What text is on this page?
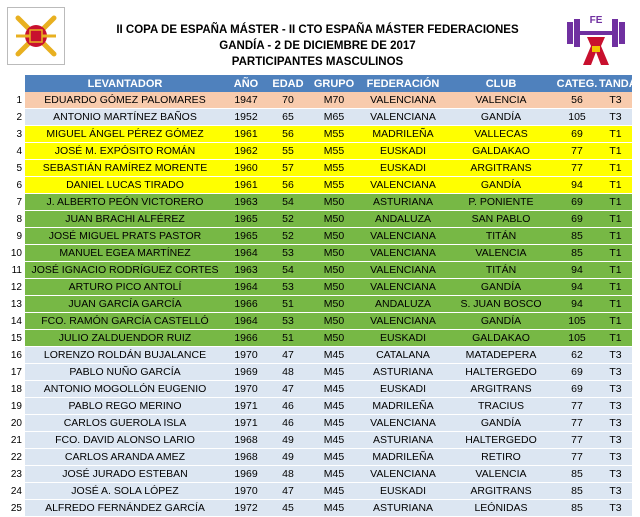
II COPA DE ESPAÑA MÁSTER - II CTO ESPAÑA MÁSTER FEDERACIONES
GANDÍA - 2 DE DICIEMBRE DE 2017
PARTICIPANTES MASCULINOS
FE
	LEVANTADOR	AÑO	EDAD	GRUPO	FEDERACIÓN	CLUB	CATEG.	TANDA
1	EDUARDO GÓMEZ PALOMARES	1947	70	M70	VALENCIANA	VALENCIA	56	T3
2	ANTONIO MARTÍNEZ BAÑOS	1952	65	M65	VALENCIANA	GANDÍA	105	T3
3	MIGUEL ÁNGEL PÉREZ GÓMEZ	1961	56	M55	MADRILEÑA	VALLECAS	69	T1
4	JOSÉ M. EXPÓSITO ROMÁN	1962	55	M55	EUSKADI	GALDAKAO	77	T1
5	SEBASTIÁN RAMÍREZ MORENTE	1960	57	M55	EUSKADI	ARGITRANS	77	T1
6	DANIEL LUCAS TIRADO	1961	56	M55	VALENCIANA	GANDÍA	94	T1
7	J. ALBERTO PEÓN VICTORERO	1963	54	M50	ASTURIANA	P. PONIENTE	69	T1
8	JUAN BRACHI ALFÉREZ	1965	52	M50	ANDALUZA	SAN PABLO	69	T1
9	JOSÉ MIGUEL PRATS PASTOR	1965	52	M50	VALENCIANA	TITÁN	85	T1
10	MANUEL EGEA MARTÍNEZ	1964	53	M50	VALENCIANA	VALENCIA	85	T1
11	JOSÉ IGNACIO RODRÍGUEZ CORTES	1963	54	M50	VALENCIANA	TITÁN	94	T1
12	ARTURO PICO ANTOLÍ	1964	53	M50	VALENCIANA	GANDÍA	94	T1
13	JUAN GARCÍA GARCÍA	1966	51	M50	ANDALUZA	S. JUAN BOSCO	94	T1
14	FCO. RAMÓN GARCÍA CASTELLÓ	1964	53	M50	VALENCIANA	GANDÍA	105	T1
15	JULIO ZALDUENDOR RUIZ	1966	51	M50	EUSKADI	GALDAKAO	105	T1
16	LORENZO ROLDÁN BUJALANCE	1970	47	M45	CATALANA	MATADEPERA	62	T3
17	PABLO NUÑO GARCÍA	1969	48	M45	ASTURIANA	HALTERGEDO	69	T3
18	ANTONIO MOGOLLÓN EUGENIO	1970	47	M45	EUSKADI	ARGITRANS	69	T3
19	PABLO REGO MERINO	1971	46	M45	MADRILEÑA	TRACIUS	77	T3
20	CARLOS GUEROLA ISLA	1971	46	M45	VALENCIANA	GANDÍA	77	T3
21	FCO. DAVID ALONSO LARIO	1968	49	M45	ASTURIANA	HALTERGEDO	77	T3
22	CARLOS ARANDA AMEZ	1968	49	M45	MADRILEÑA	RETIRO	77	T3
23	JOSÉ JURADO ESTEBAN	1969	48	M45	VALENCIANA	VALENCIA	85	T3
24	JOSÉ A. SOLA LÓPEZ	1970	47	M45	EUSKADI	ARGITRANS	85	T3
25	ALFREDO FERNÁNDEZ GARCÍA	1972	45	M45	ASTURIANA	LEÓNIDAS	85	T3
